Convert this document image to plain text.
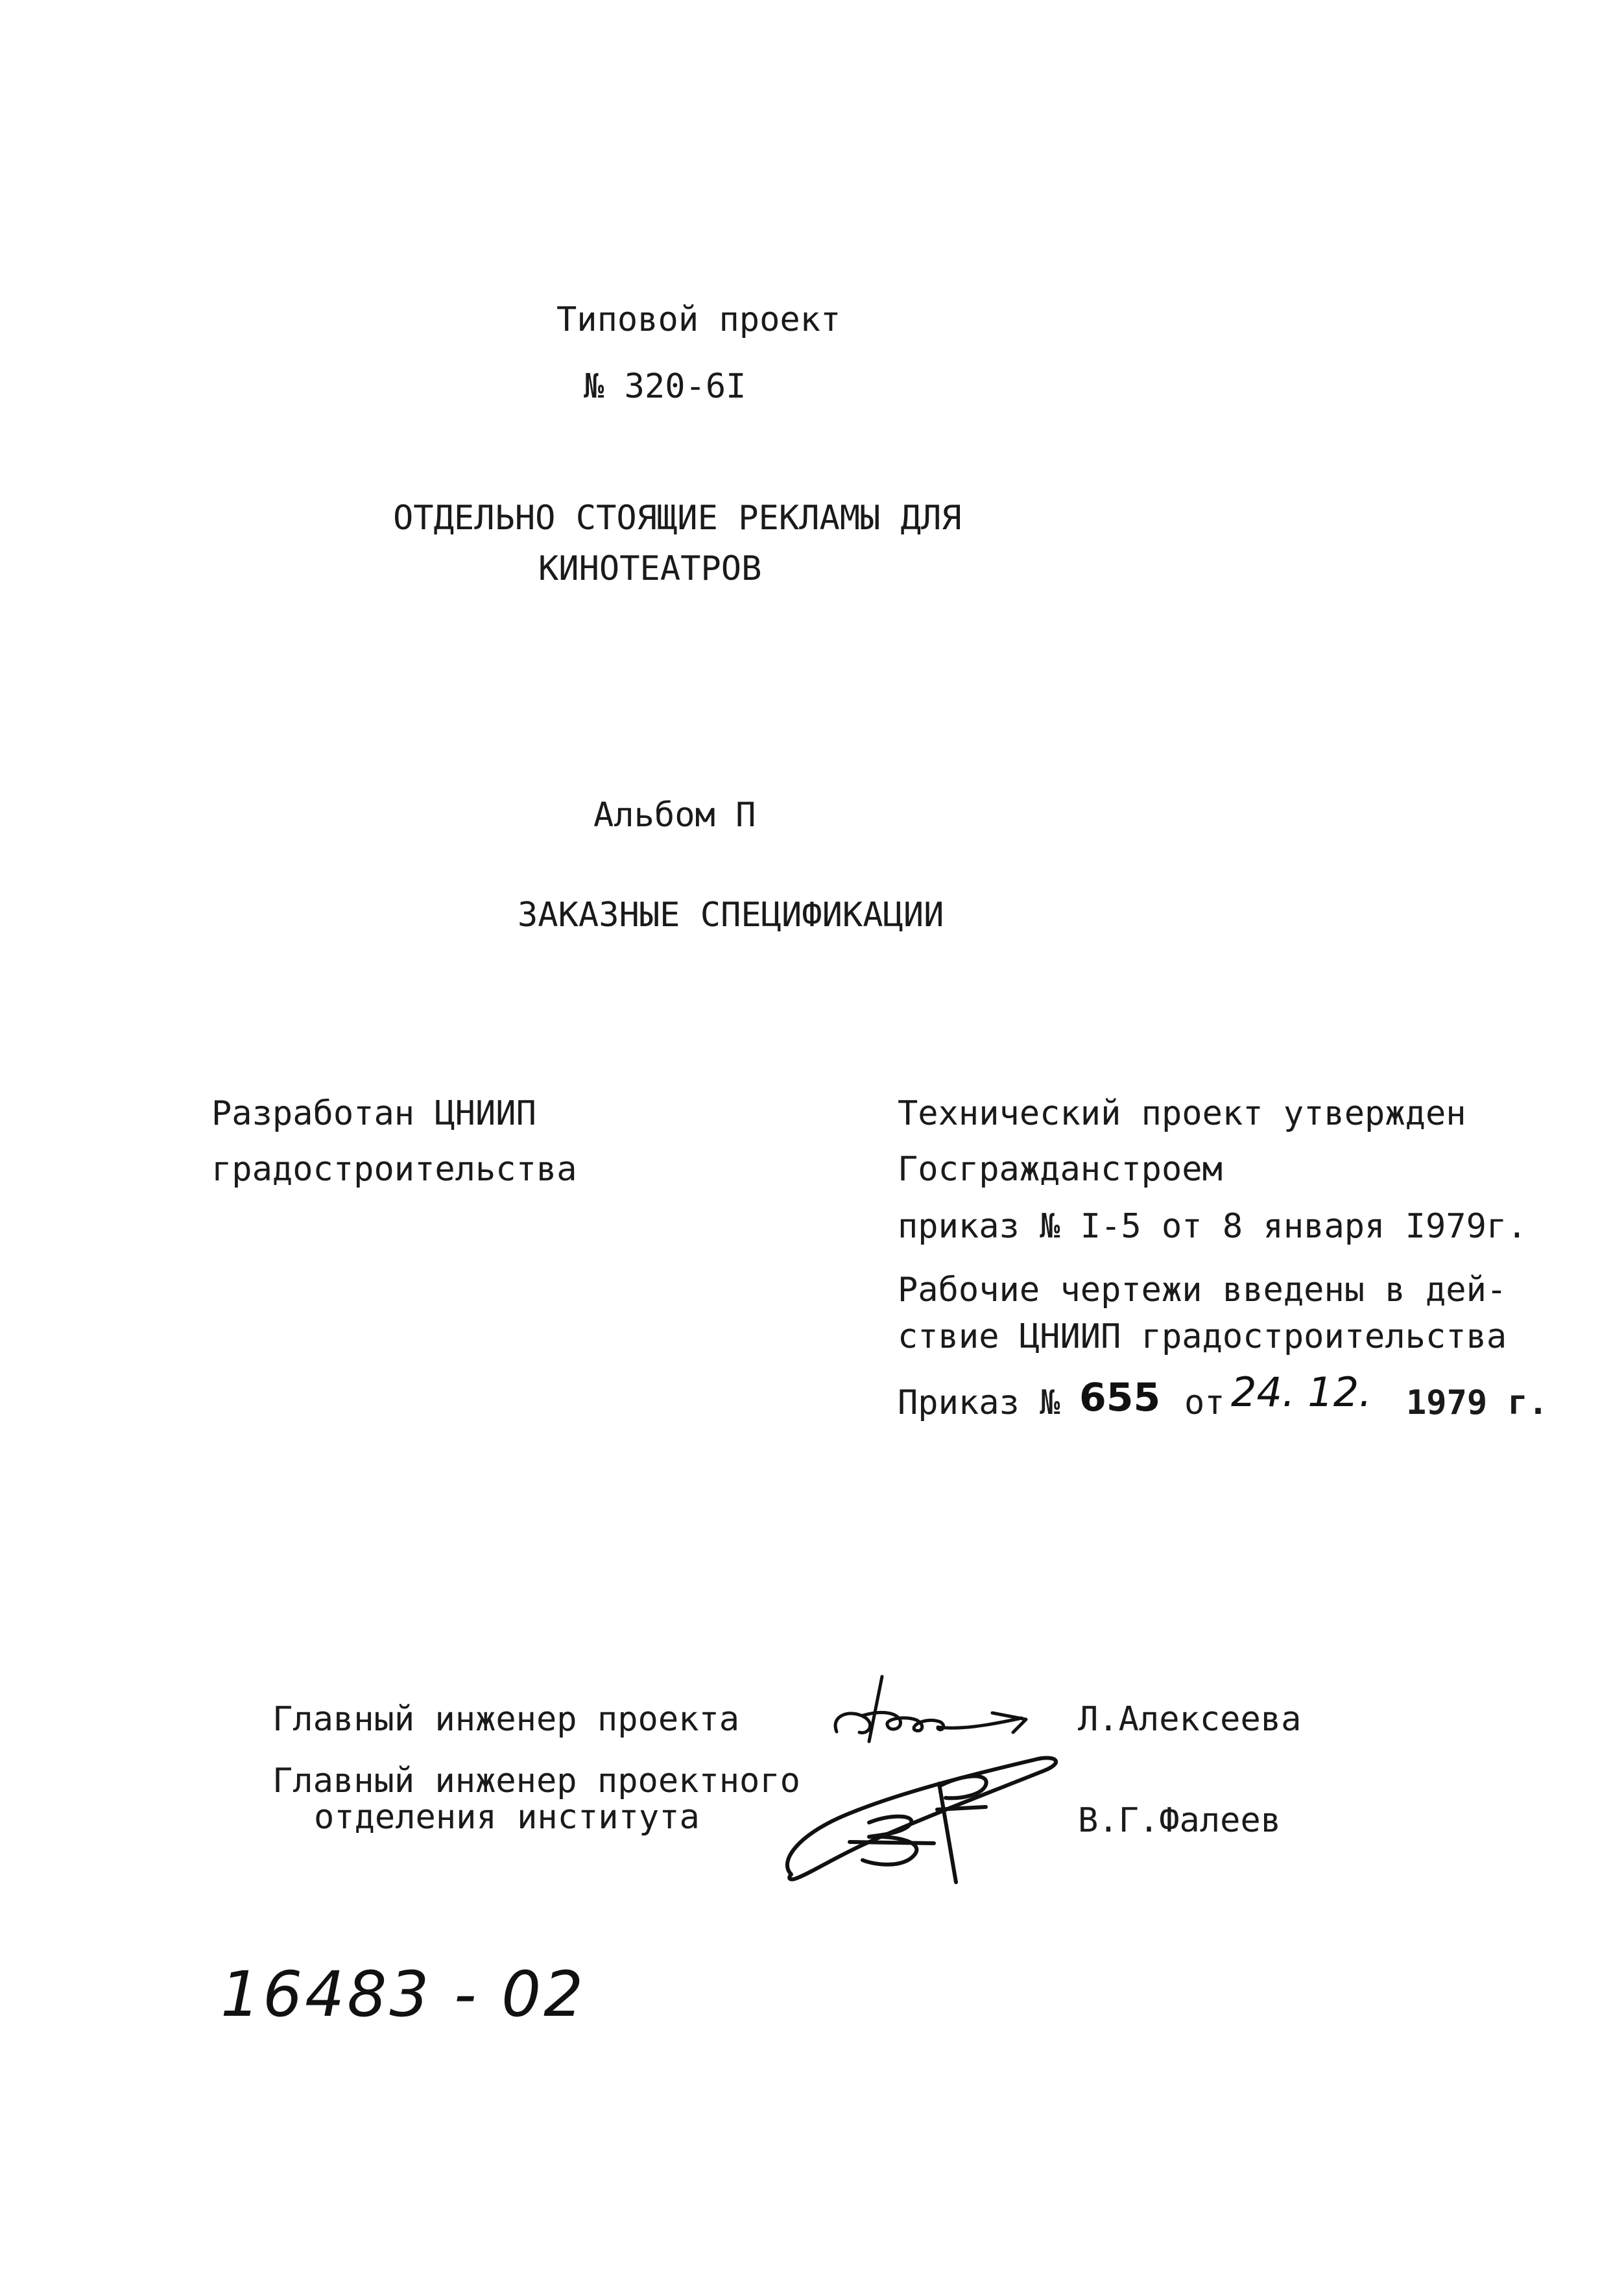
Типовой проект
№ 320-6I
ОТДЕЛЬНО СТОЯЩИЕ РЕКЛАМЫ ДЛЯ
КИНОТЕАТРОВ
Альбом П
ЗАКАЗНЫЕ СПЕЦИФИКАЦИИ
Разработан ЦНИИП
градостроительства
Технический проект утвержден
Госгражданстроем
приказ № I-5 от 8 января I979г.
Рабочие чертежи введены в дей-
ствие ЦНИИП градостроительства
Приказ № 655 от 24. 12. 1979 г.
Главный инженер проекта	Л.Алексеева
Главный инженер проектного
отделения института	В.Г.Фалеев
16483 - 02
